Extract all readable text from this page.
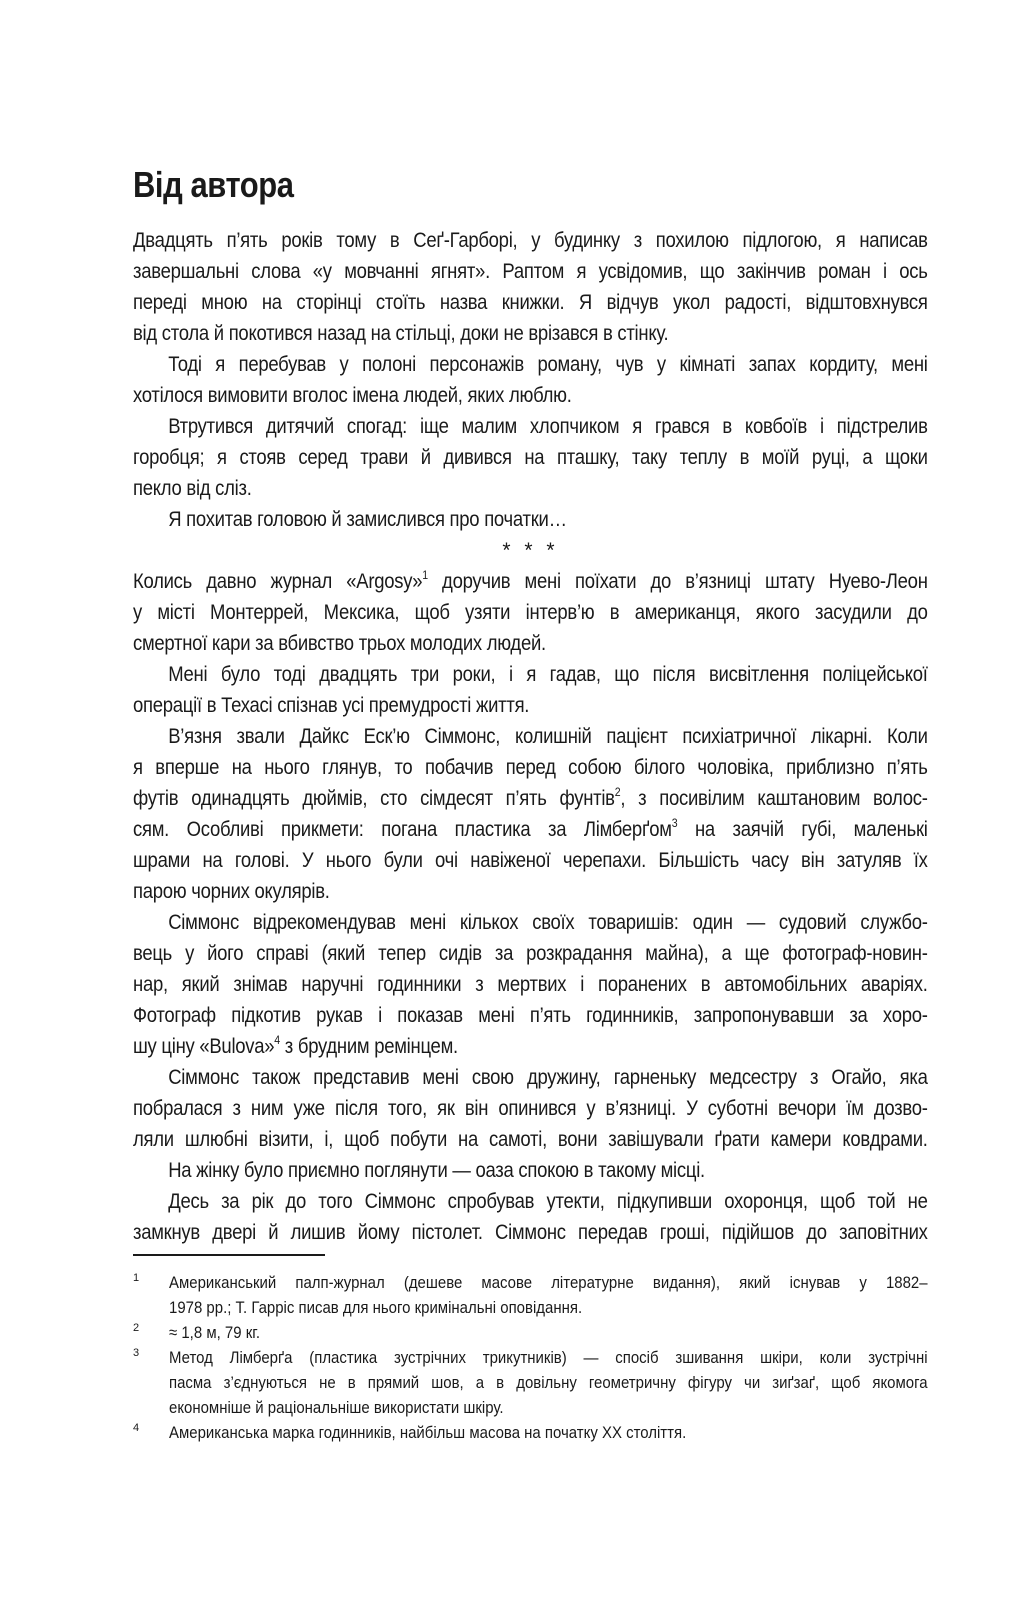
Від автора
Двадцять п’ять років тому в Сеґ-Гарборі, у будинку з похилою підлогою, я написав
завершальні слова «у мовчанні ягнят». Раптом я усвідомив, що закінчив роман і ось
переді мною на сторінці стоїть назва книжки. Я відчув укол радості, відштовхнувся
від стола й покотився назад на стільці, доки не врізався в стінку.
Тоді я перебував у полоні персонажів роману, чув у кімнаті запах кордиту, мені
хотілося вимовити вголос імена людей, яких люблю.
Втрутився дитячий спогад: іще малим хлопчиком я грався в ковбоїв і підстрелив
горобця; я стояв серед трави й дивився на пташку, таку теплу в моїй руці, а щоки
пекло від сліз.
Я похитав головою й замислився про початки…
* * *
Колись давно журнал «Argosy»$^1$ доручив мені поїхати до в’язниці штату Нуево-Леон
у місті Монтеррей, Мексика, щоб узяти інтерв’ю в американця, якого засудили до
смертної кари за вбивство трьох молодих людей.
Мені було тоді двадцять три роки, і я гадав, що після висвітлення поліцейської
операції в Техасі спізнав усі премудрості життя.
В’язня звали Дайкс Еск’ю Сіммонс, колишній пацієнт психіатричної лікарні. Коли
я вперше на нього глянув, то побачив перед собою білого чоловіка, приблизно п’ять
футів одинадцять дюймів, сто сімдесят п’ять фунтів$^2$, з посивілим каштановим волос-
сям. Особливі прикмети: погана пластика за Лімберґом$^3$ на заячій губі, маленькі
шрами на голові. У нього були очі навіженої черепахи. Більшість часу він затуляв їх
парою чорних окулярів.
Сіммонс відрекомендував мені кількох своїх товаришів: один — судовий службо-
вець у його справі (який тепер сидів за розкрадання майна), а ще фотограф-новин-
нар, який знімав наручні годинники з мертвих і поранених в автомобільних аваріях.
Фотограф підкотив рукав і показав мені п’ять годинників, запропонувавши за хоро-
шу ціну «Bulova»$^4$ з брудним ремінцем.
Сіммонс також представив мені свою дружину, гарненьку медсестру з Огайо, яка
побралася з ним уже після того, як він опинився у в’язниці. У суботні вечори їм дозво-
ляли шлюбні візити, і, щоб побути на самоті, вони завішували ґрати камери ковдрами.
На жінку було приємно поглянути — оаза спокою в такому місці.
Десь за рік до того Сіммонс спробував утекти, підкупивши охоронця, щоб той не
замкнув двері й лишив йому пістолет. Сіммонс передав гроші, підійшов до заповітних
1 Американський палп-журнал (дешеве масове літературне видання), який існував у 1882–
1978 рр.; Т. Гарріс писав для нього кримінальні оповідання.
2 ≈ 1,8 м, 79 кг.
3 Метод Лімберґа (пластика зустрічних трикутників) — спосіб зшивання шкіри, коли зустрічні
пасма з’єднуються не в прямий шов, а в довільну геометричну фігуру чи зиґзаґ, щоб якомога
економніше й раціональніше використати шкіру.
4 Американська марка годинників, найбільш масова на початку XX століття.
